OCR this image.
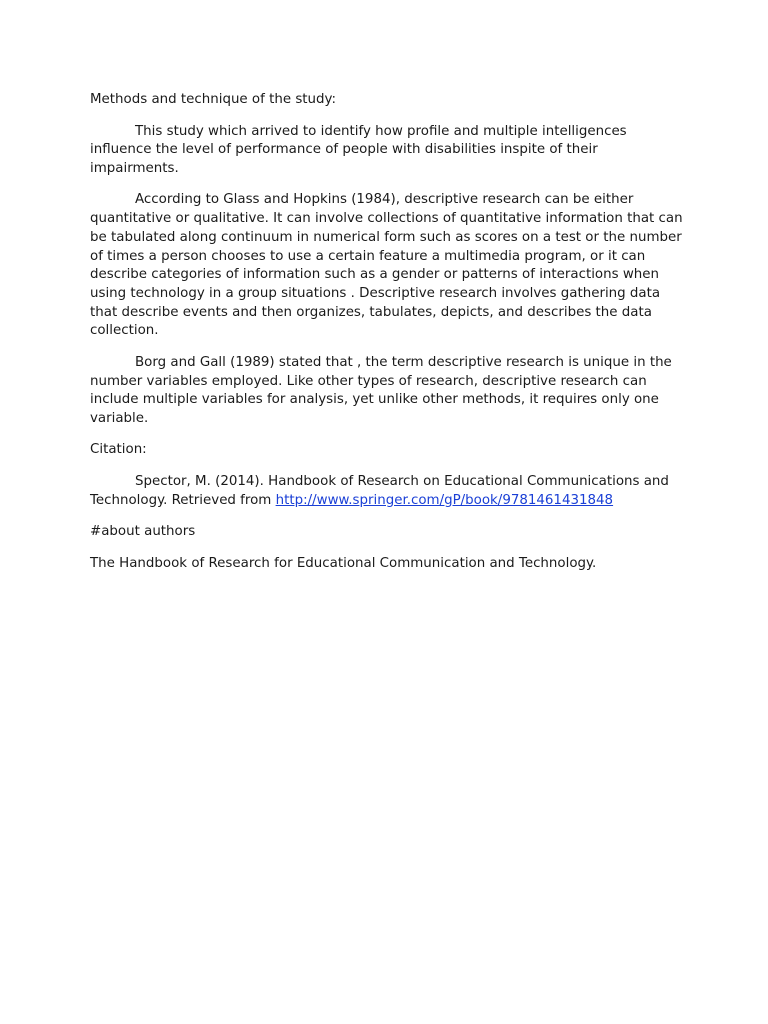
Methods and technique of the study:

This study which arrived to identify how profile and multiple intelligences influence the level of performance of people with disabilities inspite of their impairments.

According to Glass and Hopkins (1984), descriptive research can be either quantitative or qualitative. It can involve collections of quantitative information that can be tabulated along continuum in numerical form such as scores on a test or the number of times a person chooses to use a certain feature a multimedia program, or it can describe categories of information such as a gender or patterns of interactions when using technology in a group situations . Descriptive research involves gathering data that describe events and then organizes, tabulates, depicts, and describes the data collection.

Borg and Gall (1989) stated that , the term descriptive research is unique in the number variables employed. Like other types of research, descriptive research can include multiple variables for analysis, yet unlike other methods, it requires only one variable.

Citation:

Spector, M. (2014). Handbook of Research on Educational Communications and Technology. Retrieved from http://www.springer.com/gP/book/9781461431848

#about authors

The Handbook of Research for Educational Communication and Technology.
